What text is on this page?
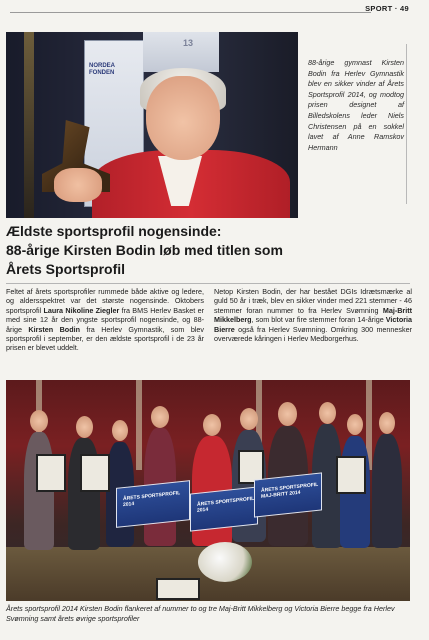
SPORT · 49
NORDEA
FONDEN
13
88-årige gymnast Kirsten Bodin fra Herlev Gymnastik blev en sikker vinder af Årets Sportsprofil 2014, og modtog prisen designet af Billedskolens leder Niels Christensen på en sokkel lavet af Anne Ramskov Hermann
Ældste sportsprofil nogensinde:
88-årige Kirsten Bodin løb med titlen som
Årets Sportsprofil
Feltet af årets sportsprofiler rummede både aktive og ledere, og aldersspektret var det største nogensinde. Oktobers sportsprofil Laura Nikoline Ziegler fra BMS Herlev Basket er med sine 12 år den yngste sportsprofil nogensinde, og 88-årige Kirsten Bodin fra Herlev Gymnastik, som blev sportsprofil i september, er den ældste sportsprofil i de 23 år prisen er blevet uddelt.
Netop Kirsten Bodin, der har bestået DGIs Idrætsmærke al guld 50 år i træk, blev en sikker vinder med 221 stemmer - 46 stemmer foran nummer to fra Herlev Svømning Maj-Britt Mikkelberg, som blot var fire stemmer foran 14-årige Victoria Bierre også fra Herlev Svømning. Omkring 300 mennesker overværede kåringen i Herlev Medborgerhus.
ÅRETS SPORTSPROFIL 2014	ÅRETS SPORTSPROFIL 2014
ÅRETS SPORTSPROFIL MAJ-BRITT 2014
Årets sportsprofil 2014 Kirsten Bodin flankeret af nummer to og tre Maj-Britt Mikkelberg og Victoria Bierre begge fra Herlev Svømning samt årets øvrige sportsprofiler
